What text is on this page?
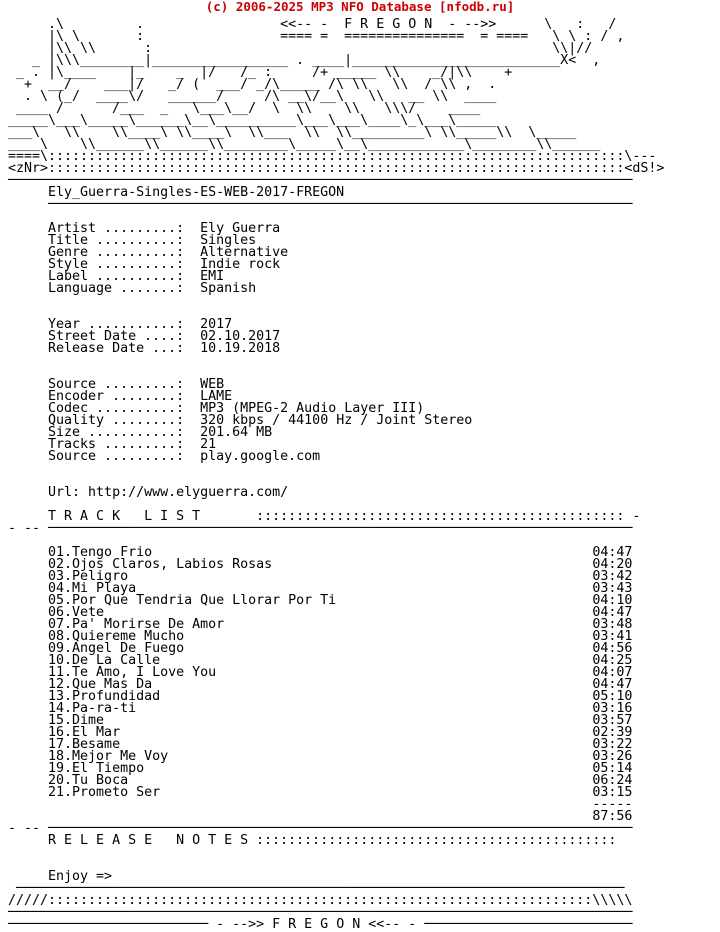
(c) 2006-2025 MP3 NFO Database [nfodb.ru]
.\         .                 <<-- -  F R E G O N  - -->>      \   :   /
|\ \       :                 ==== =  ===============  = ====   \ \ : / ,
|\\ \\      :                                                  \\|//
_ |\\\________|_________________ . ____|__________________________X<  ,
_ . |\____    |_    _  |/   /_ :     /+ _____ \\    _/|\\    +
+  __/    ___|/   _/ (  ___/ _/\_____ /\ \\   \\  / \\ ,  .
. \ (_/  ____\/   ______/     /\ __\/__\   \\   __ \\  ____
____ /      /___  _   \___\__/  \  \\    \\   \\\/    ____
_____\___\_____\______\__\__________\___\___\____\_\___\_____
___\   \\    \\____\ \\____\  \\___  \\  \\_________\ \\_____\\  \_____
____\    \\______\\______\\________\_____\__\____________\________\\______
====\::::::::::::::::::::::::::::::::::::::::::::::::::::::::::::::::::::::::\---
<zNr>::::::::::::::::::::::::::::::::::::::::::::::::::::::::::::::::::::::::<dS!>
──────────────────────────────────────────────────────────────────────────────
Ely_Guerra-Singles-ES-WEB-2017-FREGON
─────────────────────────────────────────────────────────────────────────

Artist .........: Ely Guerra
Title ..........: Singles
Genre ..........: Alternative
Style ..........: Indie rock
Label ..........: EMI
Language .......: Spanish

Year ...........: 2017
Street Date ....: 02.10.2017
Release Date ...: 10.19.2018

Source .........: WEB
Encoder ........: LAME
Codec ..........: MP3 (MPEG-2 Audio Layer III)
Quality ........: 320 kbps / 44100 Hz / Joint Stereo
Size ...........: 201.64 MB
Tracks .........: 21
Source .........: play.google.com

Url: http://www.elyguerra.com/

T R A C K   L I S T	:::::::::::::::::::::::::::::::::::::::::::::: -
- -- ─────────────────────────────────────────────────────────────────────────

01.Tengo Frio	04:47
02.Ojos Claros, Labios Rosas	04:20
03.Peligro	03:42
04.Mi Playa	03:43
05.Por Que Tendria Que Llorar Por Ti	04:10
06.Vete	04:47
07.Pa' Morirse De Amor	03:48
08.Quiereme Mucho	03:41
09.Angel De Fuego	04:56
10.De La Calle	04:25
11.Te Amo, I Love You	04:07
12.Que Mas Da	04:47
13.Profundidad	05:10
14.Pa-ra-ti	03:16
15.Dime	03:57
16.El Mar	02:39
17.Besame	03:22
18.Mejor Me Voy	03:26
19.El Tiempo	05:14
20.Tu Boca	06:24
21.Prometo Ser	03:15
-----
87:56
- -- ─────────────────────────────────────────────────────────────────────────
R E L E A S E   N O T E S :::::::::::::::::::::::::::::::::::::::::::::

Enjoy =>
────────────────────────────────────────────────────────────────────────────
/////::::::::::::::::::::::::::::::::::::::::::::::::::::::::::::::::::::\\\\\
──────────────────────────────────────────────────────────────────────────────
───────────────────────── - -->> F R E G O N <<-- - ──────────────────────────
